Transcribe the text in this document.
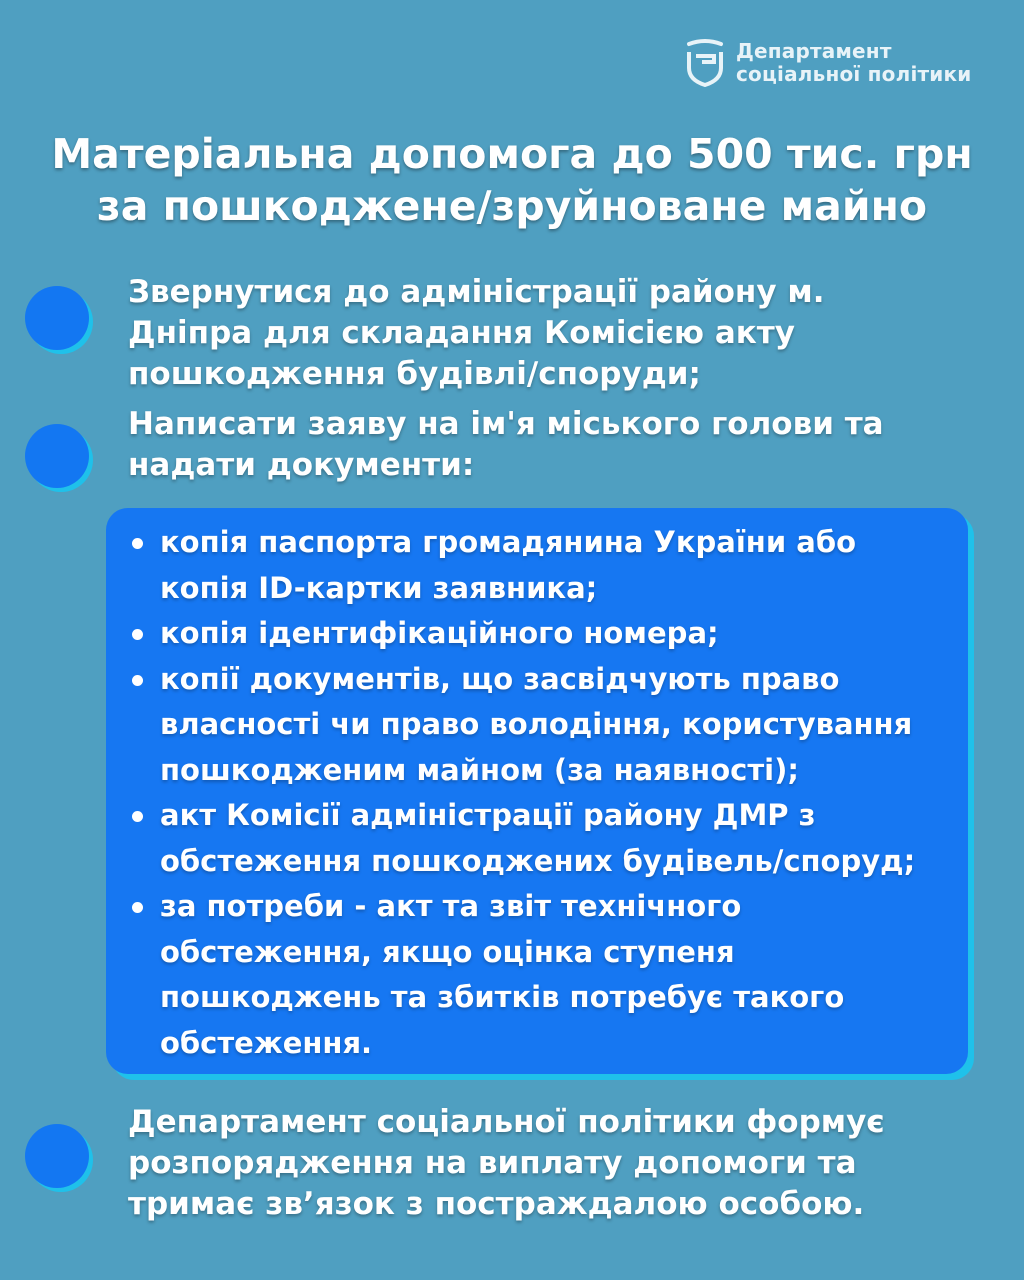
Департамент
соціальної політики
Матеріальна допомога до 500 тис. грн
за пошкоджене/зруйноване майно
Звернутися до адміністрації району м.
Дніпра для складання Комісією акту
пошкодження будівлі/споруди;
Написати заяву на ім'я міського голови та
надати документи:
копія паспорта громадянина України або
копія ID-картки заявника;
копія ідентифікаційного номера;
копії документів, що засвідчують право
власності чи право володіння, користування
пошкодженим майном (за наявності);
акт Комісії адміністрації району ДМР з
обстеження пошкоджених будівель/споруд;
за потреби - акт та звіт технічного
обстеження, якщо оцінка ступеня
пошкоджень та збитків потребує такого
обстеження.
Департамент соціальної політики формує
розпорядження на виплату допомоги та
тримає зв’язок з постраждалою особою.
